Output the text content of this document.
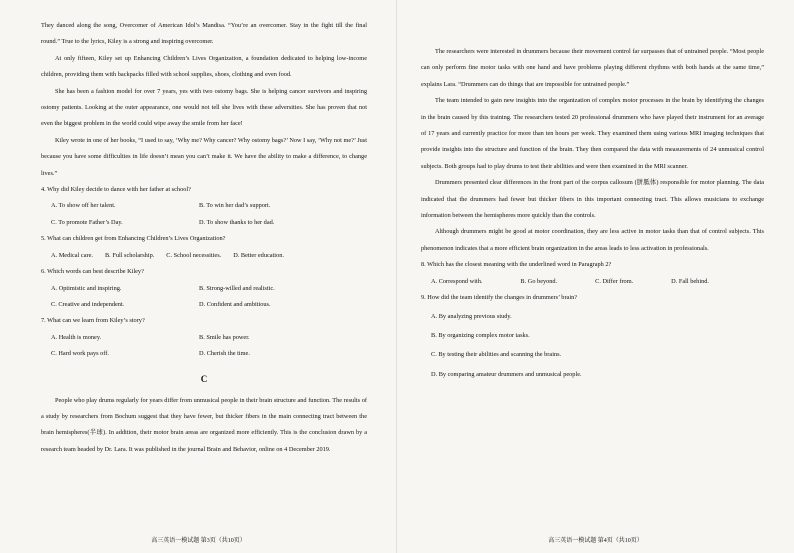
They danced along the song, Overcomer of American Idol’s Mandisa. “You’re an overcomer. Stay in the fight till the final round.” True to the lyrics, Kiley is a strong and inspiring overcomer.

At only fifteen, Kiley set up Enhancing Children’s Lives Organization, a foundation dedicated to helping low-income children, providing them with backpacks filled with school supplies, shoes, clothing and even food.

She has been a fashion model for over 7 years, yes with two ostomy bags. She is helping cancer survivors and inspiring ostomy patients. Looking at the outer appearance, one would not tell she lives with these adversities. She has proven that not even the biggest problem in the world could wipe away the smile from her face!

Kiley wrote in one of her books, “I used to say, ‘Why me? Why cancer? Why ostomy bags?’ Now I say, ‘Why not me?’ Just because you have some difficulties in life doesn’t mean you can’t make it. We have the ability to make a difference, to change lives.”

4. Why did Kiley decide to dance with her father at school?
A. To show off her talent.	B. To win her dad’s support.
C. To promote Father’s Day.	D. To show thanks to her dad.
5. What can children get from Enhancing Children’s Lives Organization?
A. Medical care. B. Full scholarship. C. School necessities. D. Better education.
6. Which words can best describe Kiley?
A. Optimistic and inspiring.	B. Strong-willed and realistic.
C. Creative and independent.	D. Confident and ambitious.
7. What can we learn from Kiley’s story?
A. Health is money.	B. Smile has power.
C. Hard work pays off.	D. Cherish the time.
C

People who play drums regularly for years differ from unmusical people in their brain structure and function. The results of a study by researchers from Bochum suggest that they have fewer, but thicker fibers in the main connecting tract between the brain hemispheres(半球). In addition, their motor brain areas are organized more efficiently. This is the conclusion drawn by a research team headed by Dr. Lara. It was published in the journal Brain and Behavior, online on 4 December 2019.

高三英语一模试题 第3页（共10页）

The researchers were interested in drummers because their movement control far surpasses that of untrained people. “Most people can only perform fine motor tasks with one hand and have problems playing different rhythms with both hands at the same time,” explains Lara. “Drummers can do things that are impossible for untrained people.”

The team intended to gain new insights into the organization of complex motor processes in the brain by identifying the changes in the brain caused by this training. The researchers tested 20 professional drummers who have played their instrument for an average of 17 years and currently practice for more than ten hours per week. They examined them using various MRI imaging techniques that provide insights into the structure and function of the brain. They then compared the data with measurements of 24 unmusical control subjects. Both groups had to play drums to test their abilities and were then examined in the MRI scanner.

Drummers presented clear differences in the front part of the corpus callosum (胼胝体) responsible for motor planning. The data indicated that the drummers had fewer but thicker fibers in this important connecting tract. This allows musicians to exchange information between the hemispheres more quickly than the controls.

Although drummers might be good at motor coordination, they are less active in motor tasks than that of control subjects. This phenomenon indicates that a more efficient brain organization in the areas leads to less activation in professionals.

8. Which has the closest meaning with the underlined word in Paragraph 2?
A. Correspond with.	B. Go beyond.	C. Differ from.	D. Fall behind.
9. How did the team identify the changes in drummers’ brain?
A. By analyzing previous study.
B. By organizing complex motor tasks.
C. By testing their abilities and scanning the brains.
D. By comparing amateur drummers and unmusical people.
高三英语一模试题 第4页（共10页）
